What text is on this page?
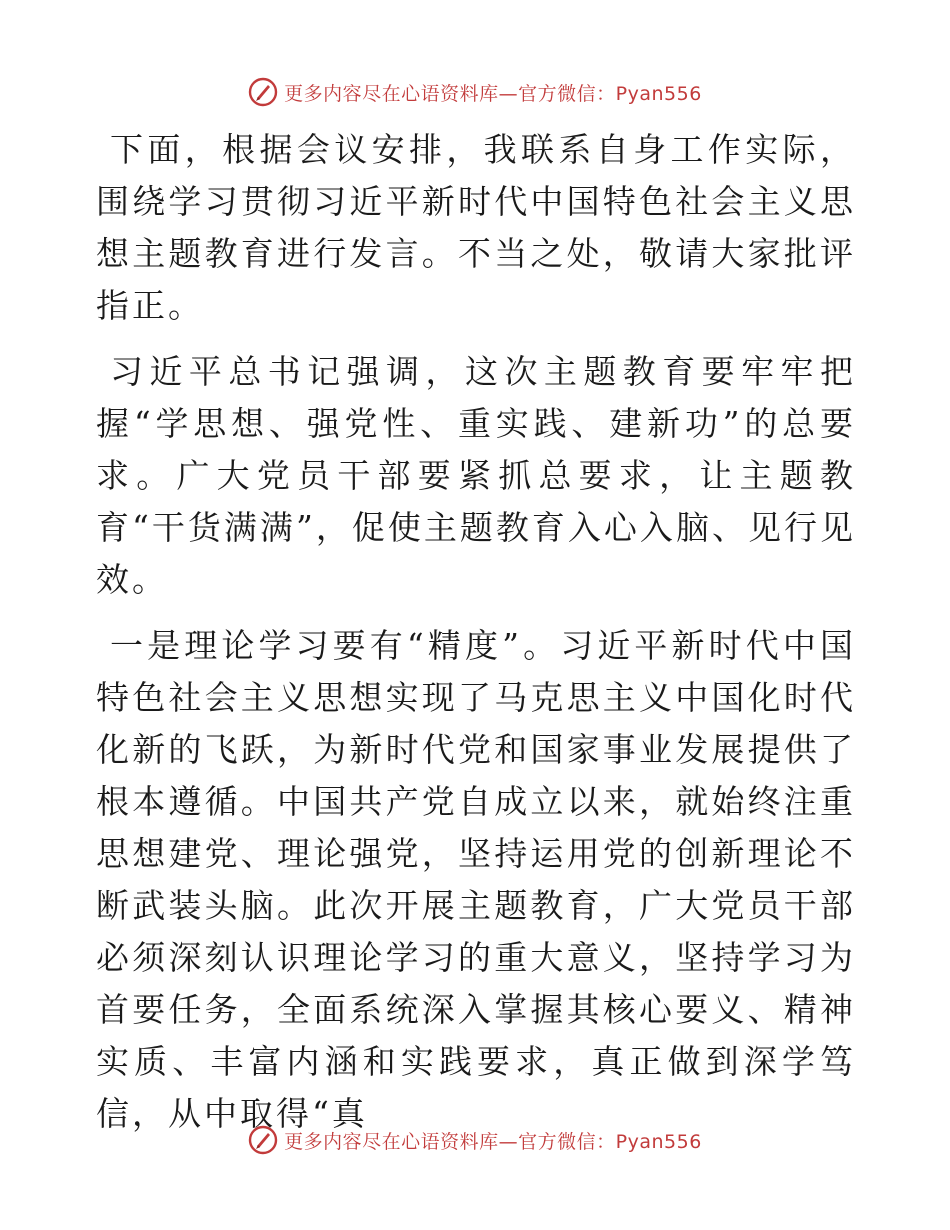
更多内容尽在心语资料库—官方微信：Pyan556

下面，根据会议安排，我联系自身工作实际，围绕学习贯彻习近平新时代中国特色社会主义思想主题教育进行发言。不当之处，敬请大家批评指正。

习近平总书记强调，这次主题教育要牢牢把握“学思想、强党性、重实践、建新功”的总要求。广大党员干部要紧抓总要求，让主题教育“干货满满”，促使主题教育入心入脑、见行见效。

一是理论学习要有“精度”。习近平新时代中国特色社会主义思想实现了马克思主义中国化时代化新的飞跃，为新时代党和国家事业发展提供了根本遵循。中国共产党自成立以来，就始终注重思想建党、理论强党，坚持运用党的创新理论不断武装头脑。此次开展主题教育，广大党员干部必须深刻认识理论学习的重大意义，坚持学习为首要任务，全面系统深入掌握其核心要义、精神实质、丰富内涵和实践要求，真正做到深学笃信，从中取得“真

更多内容尽在心语资料库—官方微信：Pyan556
